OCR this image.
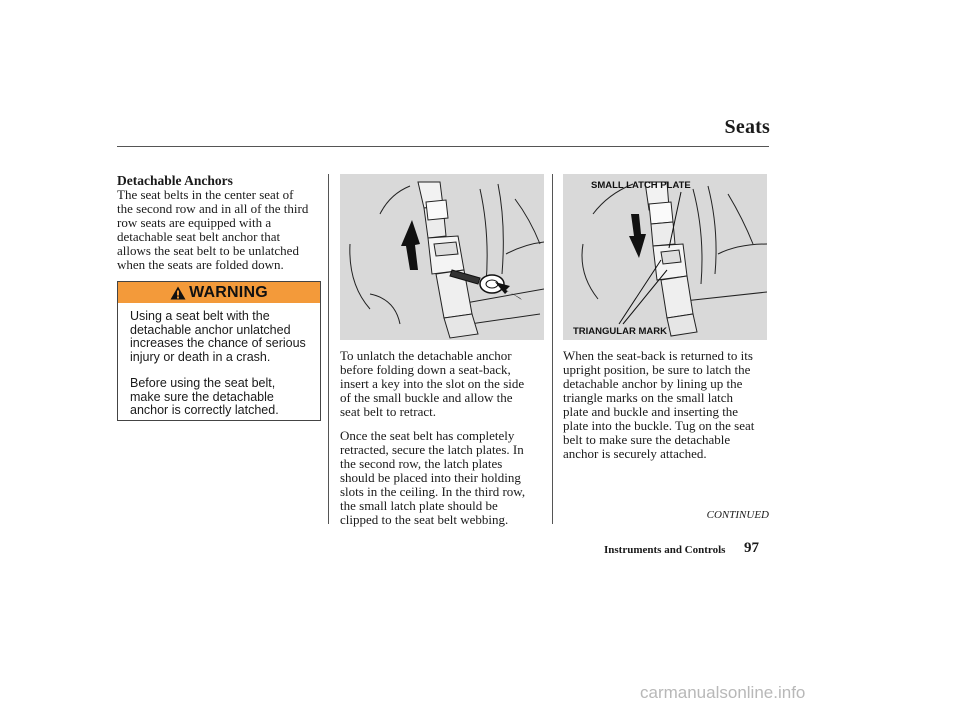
Seats
Detachable Anchors
The seat belts in the center seat of
the second row and in all of the third
row seats are equipped with a
detachable seat belt anchor that
allows the seat belt to be unlatched
when the seats are folded down.
WARNING
Using a seat belt with the
detachable anchor unlatched
increases the chance of serious
injury or death in a crash.
Before using the seat belt,
make sure the detachable
anchor is correctly latched.
SMALL LATCH PLATE
TRIANGULAR MARK
To unlatch the detachable anchor
before folding down a seat-back,
insert a key into the slot on the side
of the small buckle and allow the
seat belt to retract.
Once the seat belt has completely
retracted, secure the latch plates. In
the second row, the latch plates
should be placed into their holding
slots in the ceiling. In the third row,
the small latch plate should be
clipped to the seat belt webbing.
When the seat-back is returned to its
upright position, be sure to latch the
detachable anchor by lining up the
triangle marks on the small latch
plate and buckle and inserting the
plate into the buckle. Tug on the seat
belt to make sure the detachable
anchor is securely attached.
CONTINUED
Instruments and Controls 97
carmanualsonline.info
